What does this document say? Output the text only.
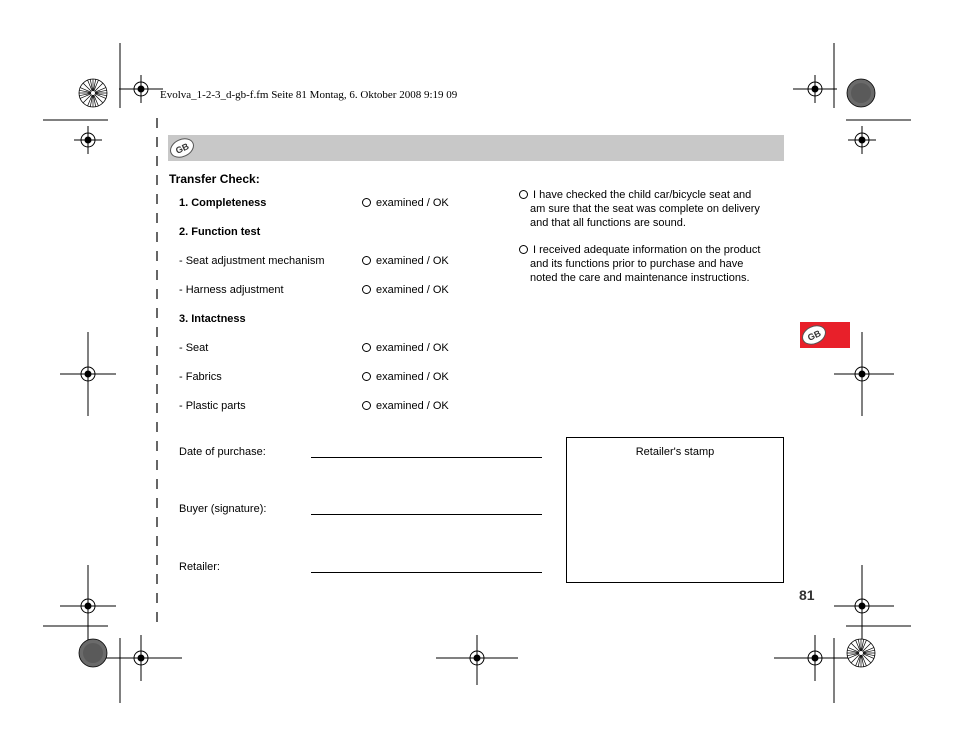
Evolva_1-2-3_d-gb-f.fm Seite 81 Montag, 6. Oktober 2008 9:19 09
GB
GB
Transfer Check:
1. Completeness	examined / OK
2. Function test
- Seat adjustment mechanism	examined / OK
- Harness adjustment	examined / OK
3. Intactness
- Seat	examined / OK
- Fabrics	examined / OK
- Plastic parts	examined / OK
I have checked the child car/bicycle seat and
am sure that the seat was complete on delivery
and that all functions are sound.
I received adequate information on the product
and its functions prior to purchase and have
noted the care and maintenance instructions.
Date of purchase:
Buyer (signature):
Retailer:
Retailer's stamp
81
